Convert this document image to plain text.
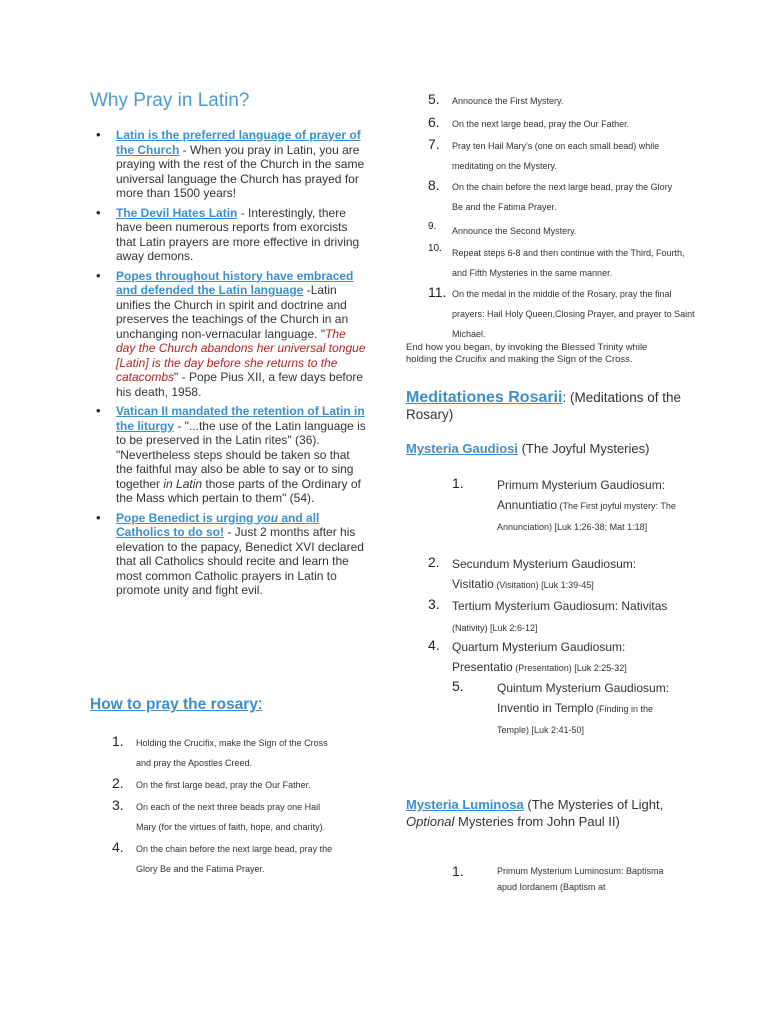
Why Pray in Latin?
• Latin is the preferred language of prayer of the Church - When you pray in Latin, you are praying with the rest of the Church in the same universal language the Church has prayed for more than 1500 years!
• The Devil Hates Latin - Interestingly, there have been numerous reports from exorcists that Latin prayers are more effective in driving away demons.
• Popes throughout history have embraced and defended the Latin language -Latin unifies the Church in spirit and doctrine and preserves the teachings of the Church in an unchanging non-vernacular language. "The day the Church abandons her universal tongue [Latin] is the day before she returns to the catacombs" - Pope Pius XII, a few days before his death, 1958.
• Vatican II mandated the retention of Latin in the liturgy - "...the use of the Latin language is to be preserved in the Latin rites" (36). "Nevertheless steps should be taken so that the faithful may also be able to say or to sing together in Latin those parts of the Ordinary of the Mass which pertain to them" (54).
• Pope Benedict is urging you and all Catholics to do so! - Just 2 months after his elevation to the papacy, Benedict XVI declared that all Catholics should recite and learn the most common Catholic prayers in Latin to promote unity and fight evil.
How to pray the rosary:
1.	Holding the Crucifix, make the Sign of the Cross and pray the Apostles Creed.
2.	On the first large bead, pray the Our Father.
3.	On each of the next three beads pray one Hail Mary (for the virtues of faith, hope, and charity).
4.	On the chain before the next large bead, pray the Glory Be and the Fatima Prayer.
5.	Announce the First Mystery.
6.	On the next large bead, pray the Our Father.
7.	Pray ten Hail Mary's (one on each small bead) while meditating on the Mystery.
8.	On the chain before the next large bead, pray the Glory Be and the Fatima Prayer.
9.	Announce the Second Mystery.
10.	Repeat steps 6-8 and then continue with the Third, Fourth, and Fifth Mysteries in the same manner.
11. On the medal in the middle of the Rosary, pray the final prayers: Hail Holy Queen,Closing Prayer, and prayer to Saint Michael.
End how you began, by invoking the Blessed Trinity while holding the Crucifix and making the Sign of the Cross.
Meditationes Rosarii: (Meditations of the Rosary)
Mysteria Gaudiosi (The Joyful Mysteries)
1.	Primum Mysterium Gaudiosum: Annuntiatio (The First joyful mystery: The Annunciation) [Luk 1:26-38; Mat 1:18]
2.	Secundum Mysterium Gaudiosum: Visitatio (Visitation) [Luk 1:39-45]
3.	Tertium Mysterium Gaudiosum: Nativitas (Nativity) [Luk 2:6-12]
4.	Quartum Mysterium Gaudiosum: Presentatio (Presentation) [Luk 2:25-32]
5.	Quintum Mysterium Gaudiosum: Inventio in Templo (Finding in the Temple) [Luk 2:41-50]
Mysteria Luminosa (The Mysteries of Light, Optional Mysteries from John Paul II)
1.	Primum Mysterium Luminosum: Baptisma apud Iordanem (Baptism at
